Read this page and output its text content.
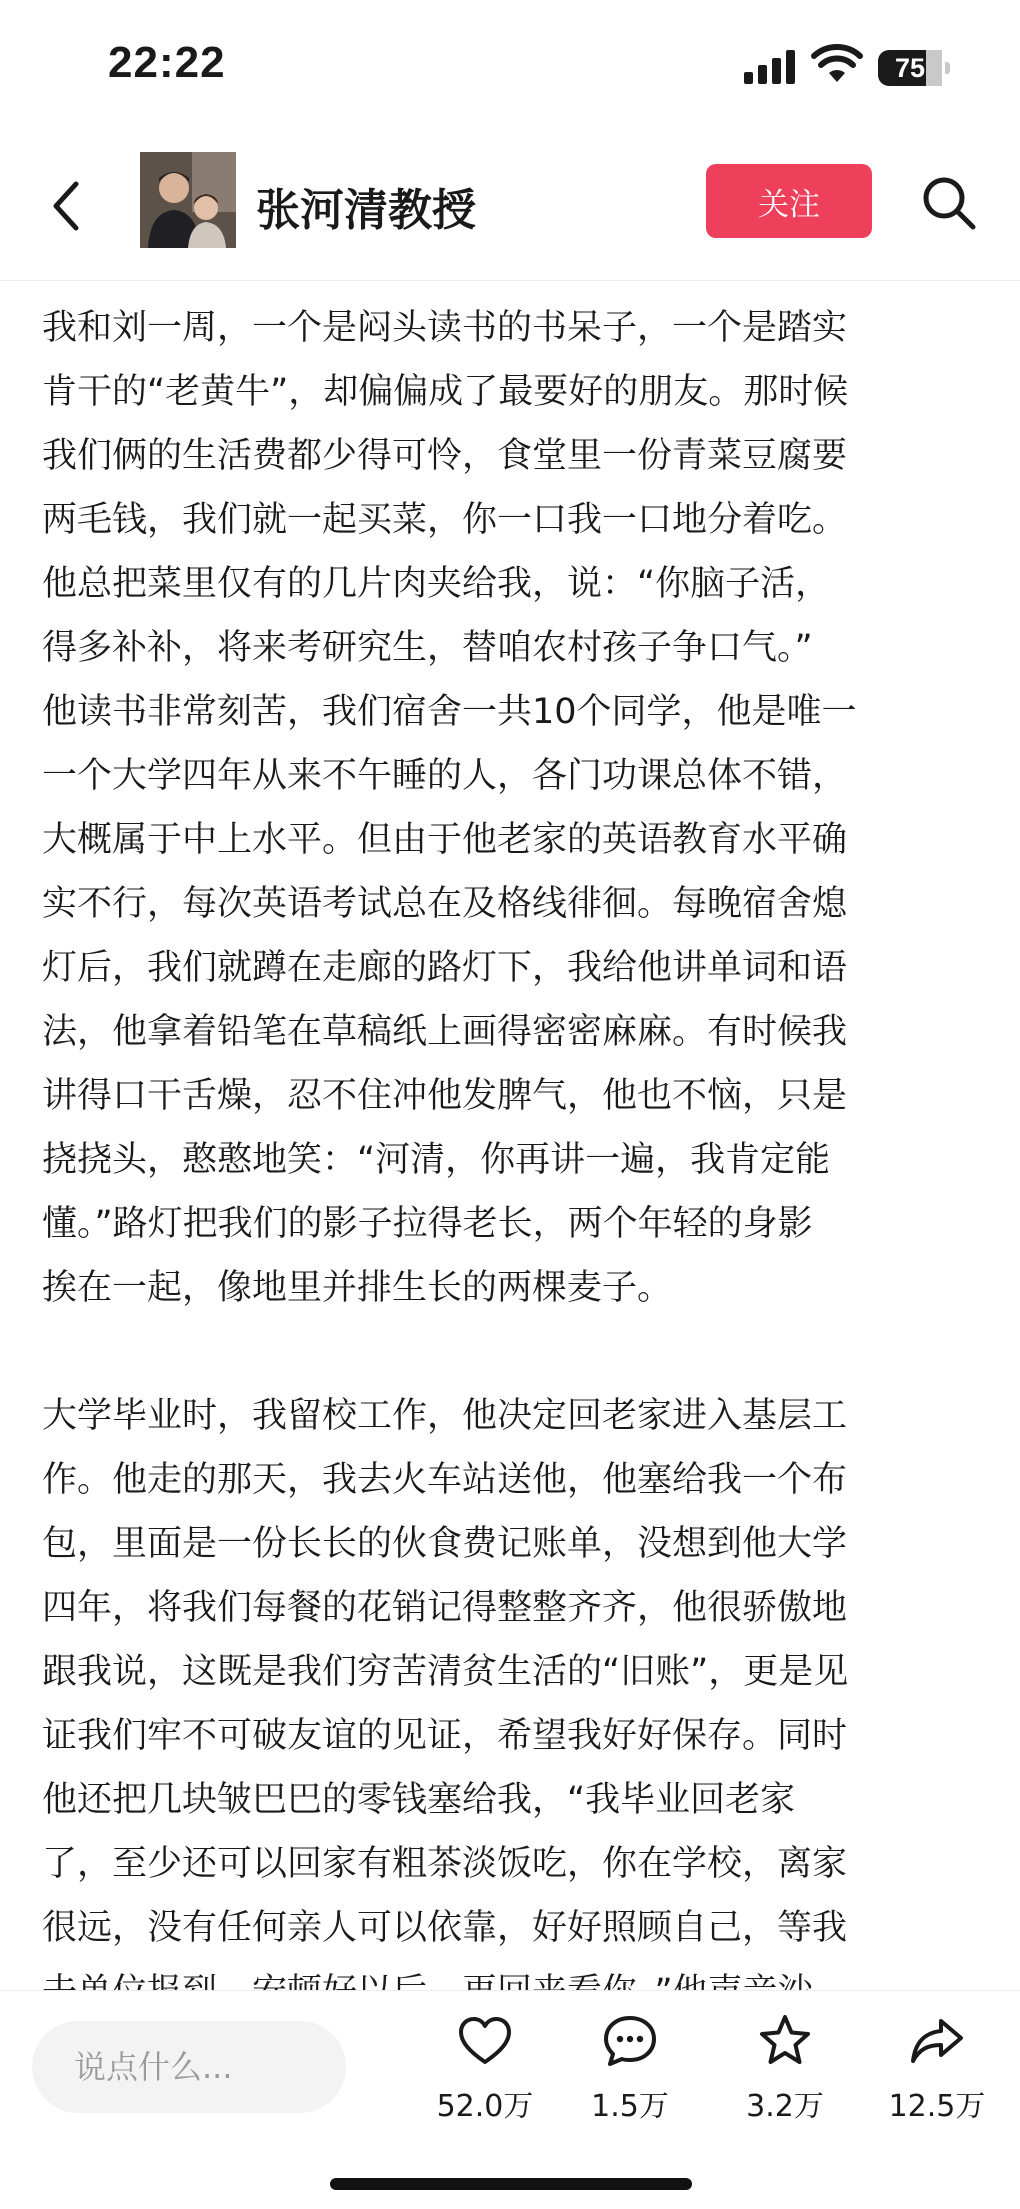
22:22	75
张河清教授	关注

我和刘一周，一个是闷头读书的书呆子，一个是踏实
肯干的“老黄牛”，却偏偏成了最要好的朋友。那时候
我们俩的生活费都少得可怜，食堂里一份青菜豆腐要
两毛钱，我们就一起买菜，你一口我一口地分着吃。
他总把菜里仅有的几片肉夹给我，说：“你脑子活，
得多补补，将来考研究生，替咱农村孩子争口气。”
他读书非常刻苦，我们宿舍一共10个同学，他是唯一
一个大学四年从来不午睡的人，各门功课总体不错，
大概属于中上水平。但由于他老家的英语教育水平确
实不行，每次英语考试总在及格线徘徊。每晚宿舍熄
灯后，我们就蹲在走廊的路灯下，我给他讲单词和语
法，他拿着铅笔在草稿纸上画得密密麻麻。有时候我
讲得口干舌燥，忍不住冲他发脾气，他也不恼，只是
挠挠头，憨憨地笑：“河清，你再讲一遍，我肯定能
懂。”路灯把我们的影子拉得老长，两个年轻的身影
挨在一起，像地里并排生长的两棵麦子。

大学毕业时，我留校工作，他决定回老家进入基层工
作。他走的那天，我去火车站送他，他塞给我一个布
包，里面是一份长长的伙食费记账单，没想到他大学
四年，将我们每餐的花销记得整整齐齐，他很骄傲地
跟我说，这既是我们穷苦清贫生活的“旧账”，更是见
证我们牢不可破友谊的见证，希望我好好保存。同时
他还把几块皱巴巴的零钱塞给我，“我毕业回老家
了，至少还可以回家有粗茶淡饭吃，你在学校，离家
很远，没有任何亲人可以依靠，好好照顾自己，等我

说点什么...
52.0万	1.5万	3.2万	12.5万
